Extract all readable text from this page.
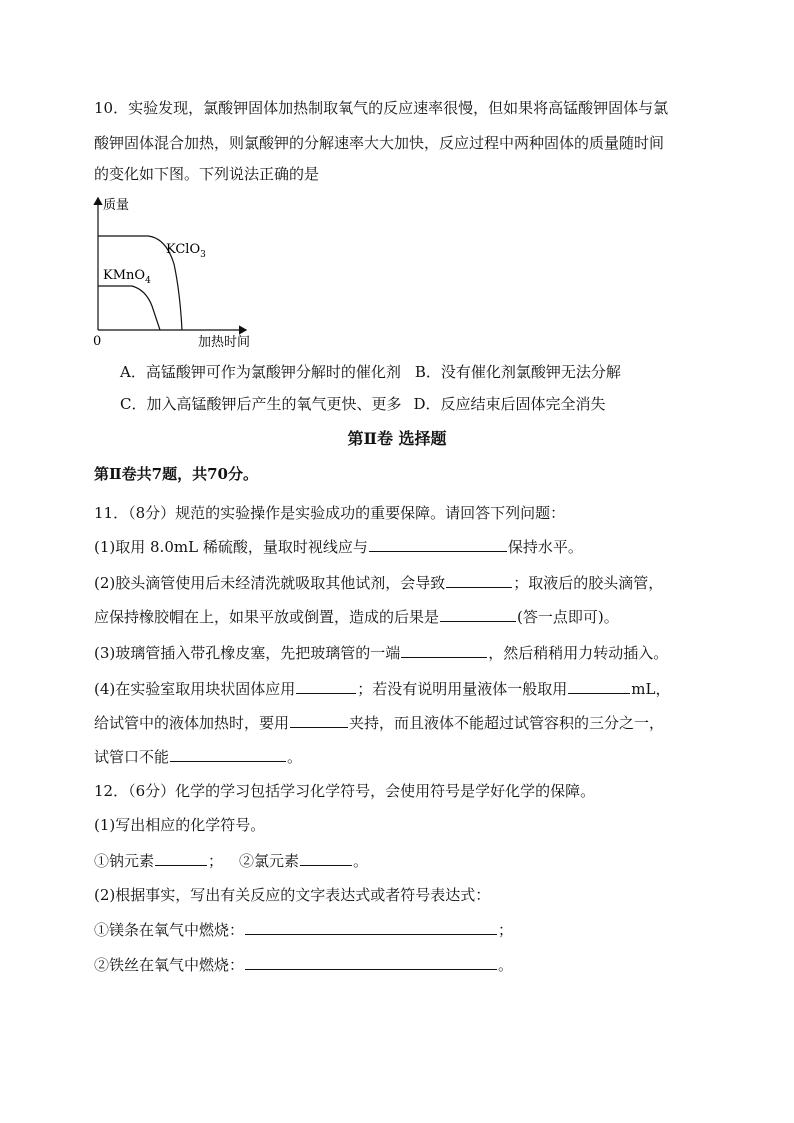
10．实验发现，氯酸钾固体加热制取氧气的反应速率很慢，但如果将高锰酸钾固体与氯
酸钾固体混合加热，则氯酸钾的分解速率大大加快，反应过程中两种固体的质量随时间
的变化如下图。下列说法正确的是
质量
加热时间
0
KClO$_3$
KMnO$_4$
A．高锰酸钾可作为氯酸钾分解时的催化剂 B．没有催化剂氯酸钾无法分解
C．加入高锰酸钾后产生的氧气更快、更多 D．反应结束后固体完全消失
第Ⅱ卷 选择题
第Ⅱ卷共7题，共70分。
11．（8分）规范的实验操作是实验成功的重要保障。请回答下列问题：
(1)取用 8.0mL 稀硫酸，量取时视线应与	保持水平。
(2)胶头滴管使用后未经清洗就吸取其他试剂，会导致	；取液后的胶头滴管，
应保持橡胶帽在上，如果平放或倒置，造成的后果是	(答一点即可)。
(3)玻璃管插入带孔橡皮塞，先把玻璃管的一端	，然后稍稍用力转动插入。
(4)在实验室取用块状固体应用	；若没有说明用量液体一般取用	mL，
给试管中的液体加热时，要用	夹持，而且液体不能超过试管容积的三分之一，
试管口不能	。
12．（6分）化学的学习包括学习化学符号，会使用符号是学好化学的保障。
(1)写出相应的化学符号。
①钠元素	； ②氯元素	。
(2)根据事实，写出有关反应的文字表达式或者符号表达式：
①镁条在氧气中燃烧：	；
②铁丝在氧气中燃烧：	。
